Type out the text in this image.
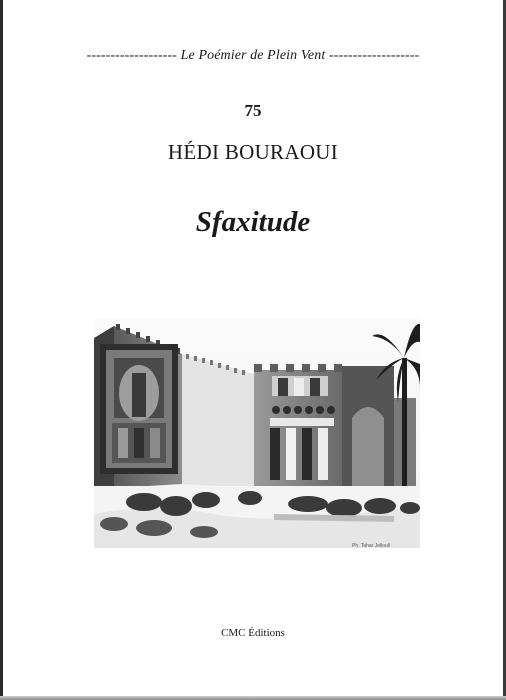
------------------- Le Poémier de Plein Vent -------------------
75
HÉDI BOURAOUI
Sfaxitude
Ph. Tahar Jellouli
CMC Éditions
